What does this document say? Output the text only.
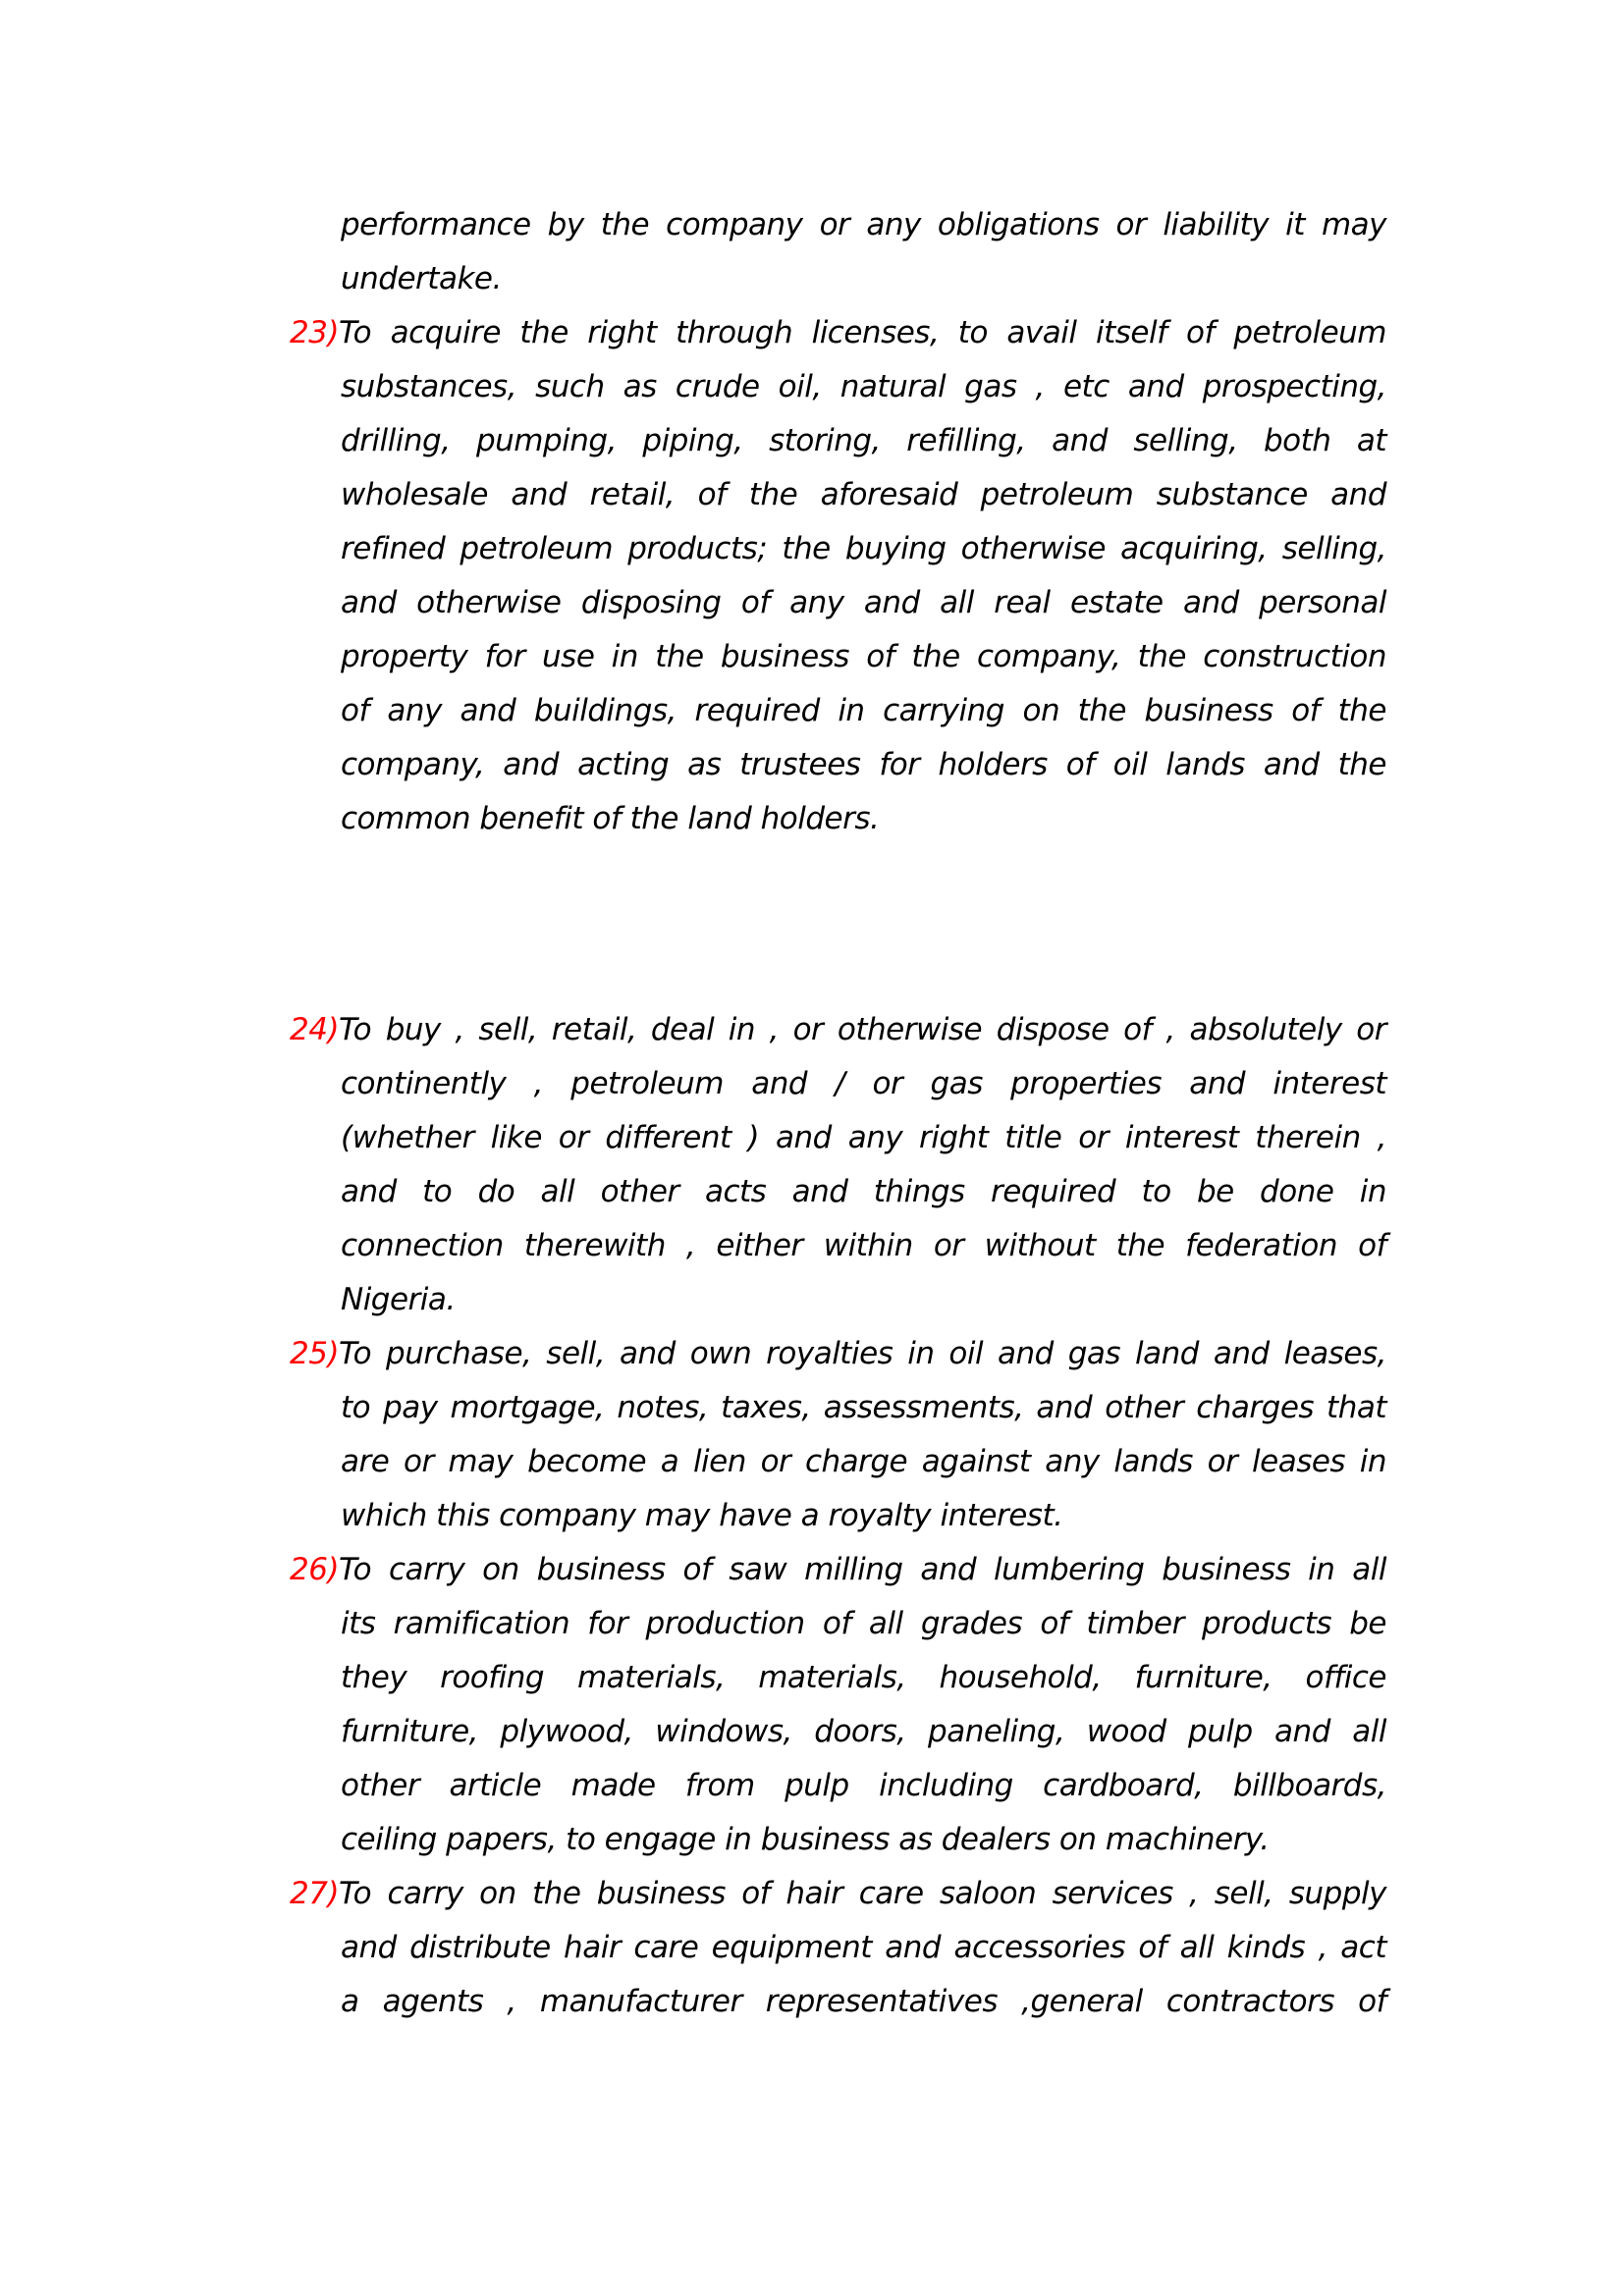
performance by the company or any obligations or liability it may
undertake.
23)To acquire the right through licenses, to avail itself of petroleum
substances, such as crude oil, natural gas , etc and prospecting,
drilling, pumping, piping, storing, refilling, and selling, both at
wholesale and retail, of the aforesaid petroleum substance and
refined petroleum products; the buying otherwise acquiring, selling,
and otherwise disposing of any and all real estate and personal
property for use in the business of the company, the construction
of any and buildings, required in carrying on the business of the
company, and acting as trustees for holders of oil lands and the
common benefit of the land holders.
24)To buy , sell, retail, deal in , or otherwise dispose of , absolutely or
continently , petroleum and / or gas properties and interest
(whether like or different ) and any right title or interest therein ,
and to do all other acts and things required to be done in
connection therewith , either within or without the federation of
Nigeria.
25)To purchase, sell, and own royalties in oil and gas land and leases,
to pay mortgage, notes, taxes, assessments, and other charges that
are or may become a lien or charge against any lands or leases in
which this company may have a royalty interest.
26)To carry on business of saw milling and lumbering business in all
its ramification for production of all grades of timber products be
they roofing materials, materials, household, furniture, office
furniture, plywood, windows, doors, paneling, wood pulp and all
other article made from pulp including cardboard, billboards,
ceiling papers, to engage in business as dealers on machinery.
27)To carry on the business of hair care saloon services , sell, supply
and distribute hair care equipment and accessories of all kinds , act
a agents , manufacturer representatives ,general contractors of
